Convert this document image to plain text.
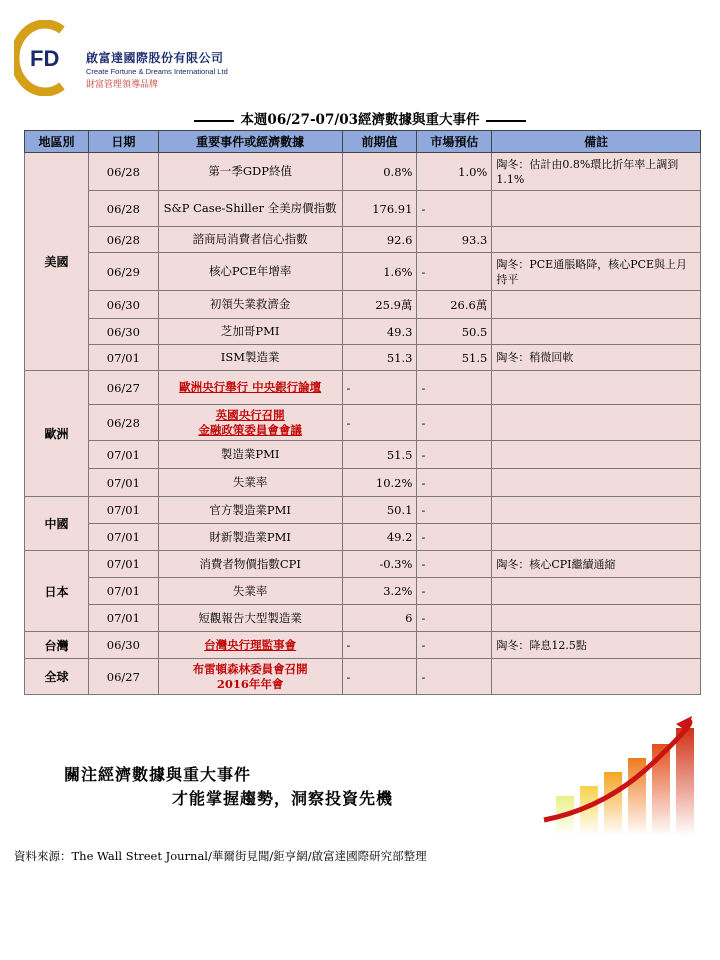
FD 啟富達國際股份有限公司
Create Fortune & Dreams International Ltd
財富管理領導品牌
本週06/27-07/03經濟數據與重大事件
地區別	日期	重要事件或經濟數據	前期值	市場預估	備註
美國	06/28	第一季GDP終值	0.8%	1.0%	陶冬：估計由0.8%環比折年率上調到1.1%
	06/28	S&P Case-Shiller 全美房價指數	176.91	-	
	06/28	諮商局消費者信心指數	92.6	93.3	
	06/29	核心PCE年增率	1.6%	-	陶冬：PCE通脹略降，核心PCE與上月持平
	06/30	初領失業救濟金	25.9萬	26.6萬	
	06/30	芝加哥PMI	49.3	50.5	
	07/01	ISM製造業	51.3	51.5	陶冬：稍微回軟
歐洲	06/27	歐洲央行舉行 中央銀行論壇	-	-	
	06/28	英國央行召開
金融政策委員會會議	-	-	
	07/01	製造業PMI	51.5	-	
	07/01	失業率	10.2%	-	
中國	07/01	官方製造業PMI	50.1	-	
	07/01	財新製造業PMI	49.2	-	
日本	07/01	消費者物價指數CPI	-0.3%	-	陶冬：核心CPI繼續通縮
	07/01	失業率	3.2%	-	
	07/01	短觀報告大型製造業	6	-	
台灣	06/30	台灣央行理監事會	-	-	陶冬：降息12.5點
全球	06/27	布雷頓森林委員會召開
2016年年會	-	-	
關注經濟數據與重大事件
才能掌握趨勢，洞察投資先機
資料來源：The Wall Street Journal/華爾街見聞/鉅亨網/啟富達國際研究部整理
